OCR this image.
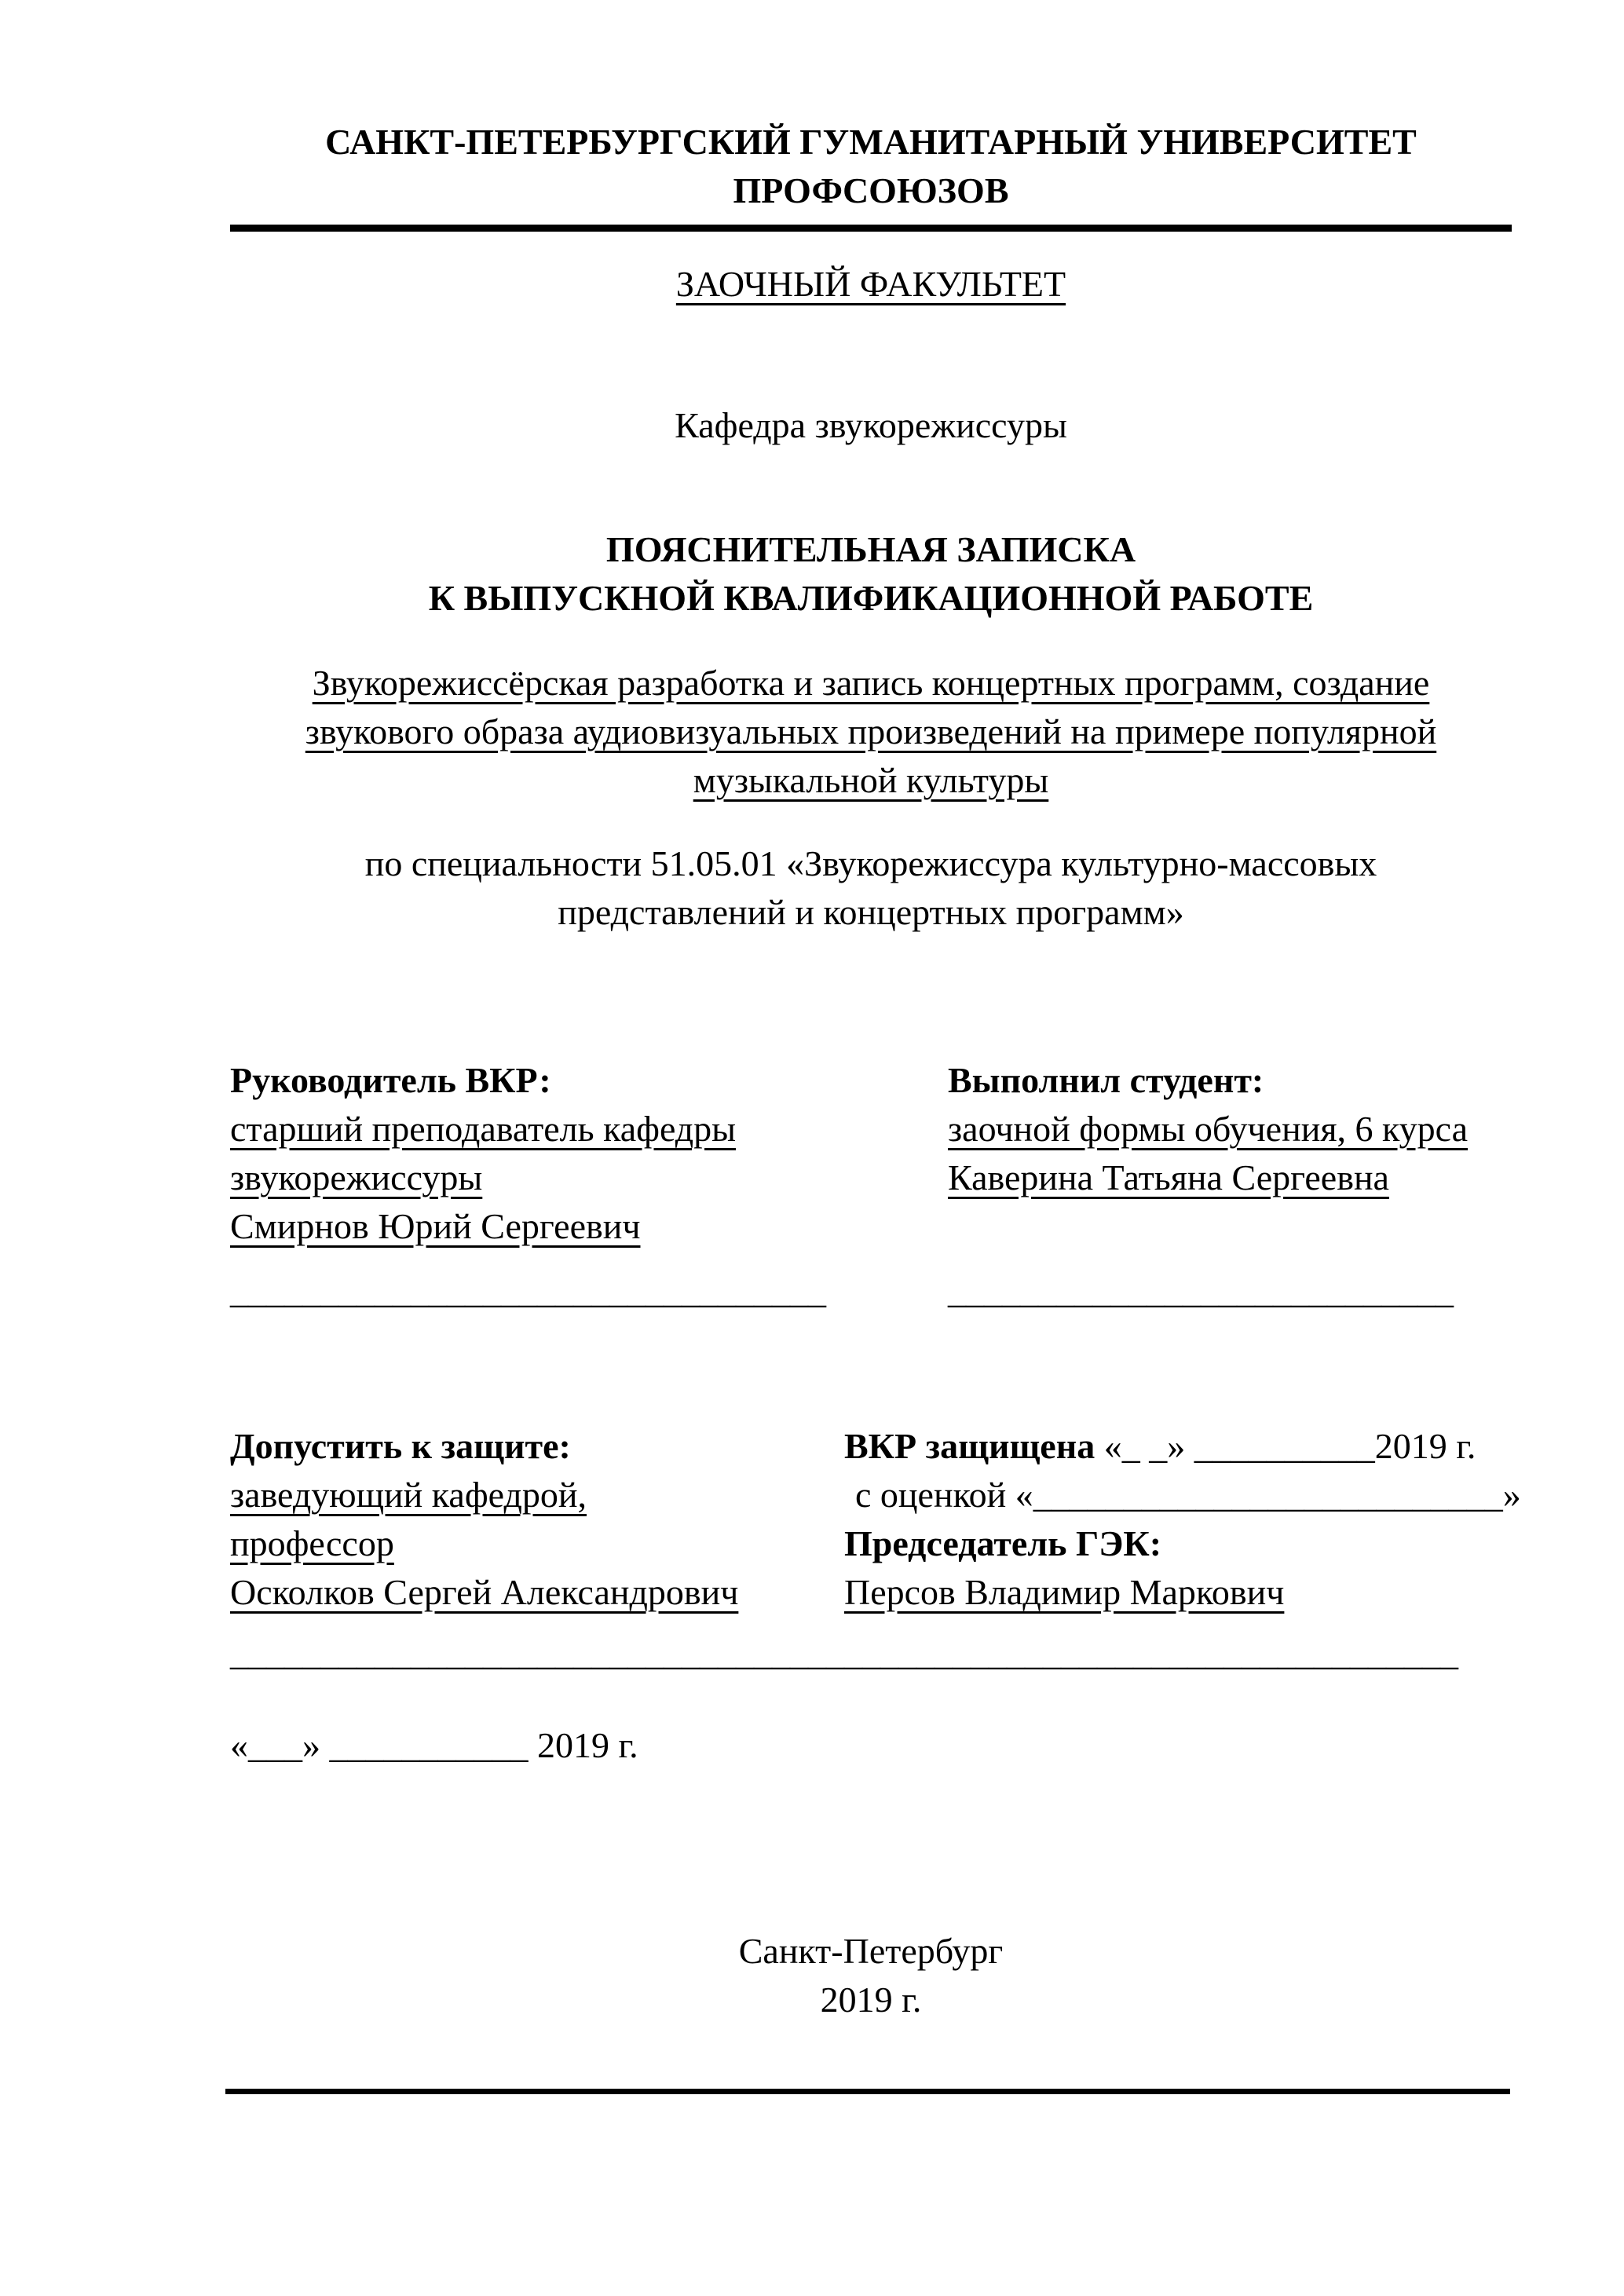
САНКТ-ПЕТЕРБУРГСКИЙ ГУМАНИТАРНЫЙ УНИВЕРСИТЕТ ПРОФСОЮЗОВ
ЗАОЧНЫЙ ФАКУЛЬТЕТ
Кафедра звукорежиссуры
ПОЯСНИТЕЛЬНАЯ ЗАПИСКА
К ВЫПУСКНОЙ КВАЛИФИКАЦИОННОЙ РАБОТЕ
Звукорежиссёрская разработка и запись концертных программ, создание
звукового образа аудиовизуальных произведений на примере популярной
музыкальной культуры
по специальности 51.05.01 «Звукорежиссура культурно-массовых
представлений и концертных программ»
Руководитель ВКР:
старший преподаватель кафедры
звукорежиссуры
Смирнов Юрий Сергеевич
_________________________________
Выполнил студент:
заочной формы обучения, 6 курса
Каверина Татьяна Сергеевна
____________________________
Допустить к защите:
заведующий кафедрой,
профессор
Осколков Сергей Александрович
__________________________________
ВКР защищена «_ _» __________2019 г.
с оценкой «__________________________»
Председатель ГЭК:
Персов Владимир Маркович
__________________________________
«___» ___________ 2019 г.
Санкт-Петербург
2019 г.
